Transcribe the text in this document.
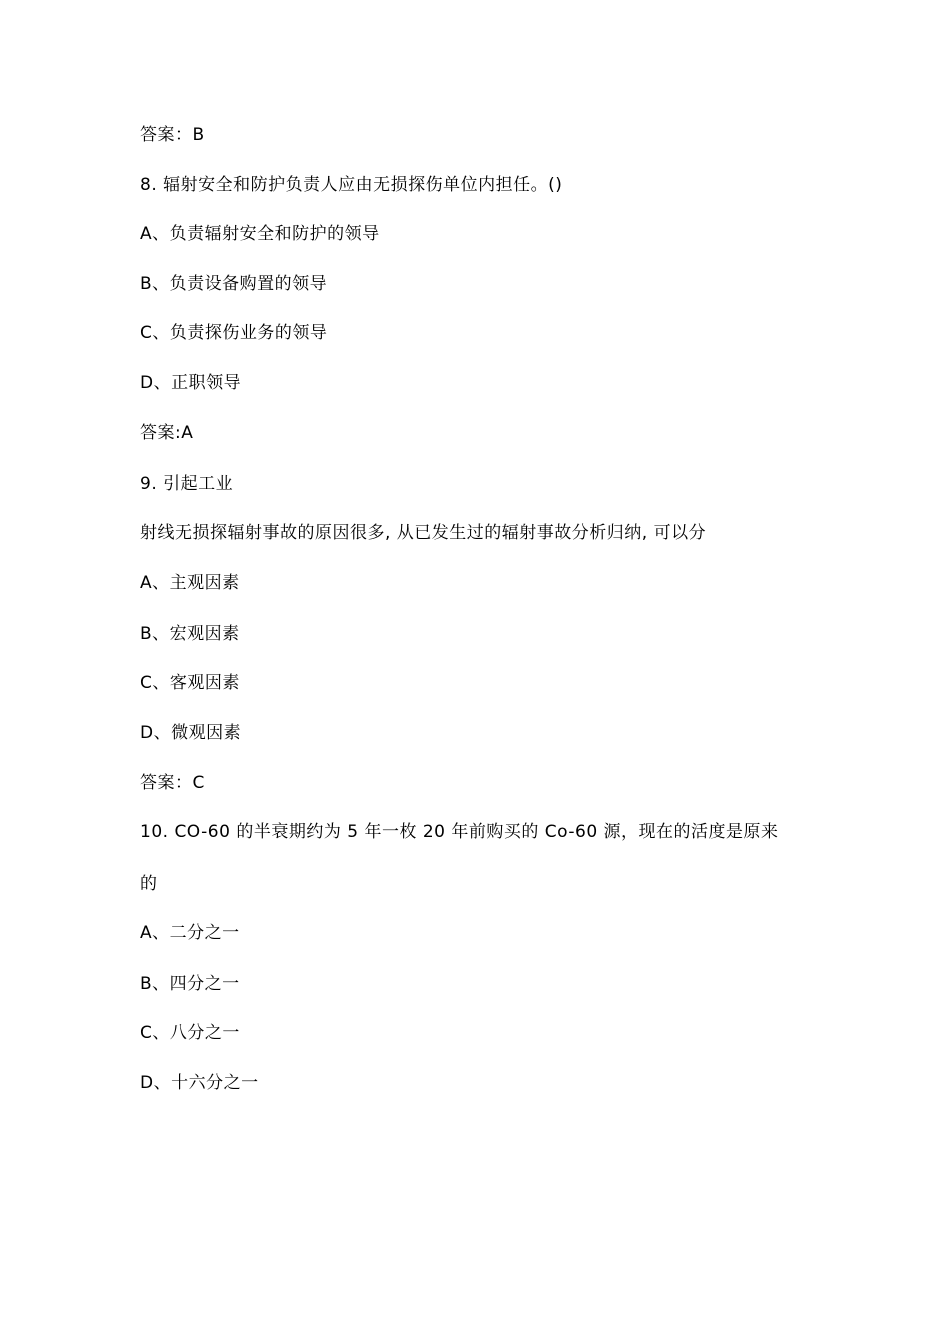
答案：B
8. 辐射安全和防护负责人应由无损探伤单位内担任。()
A、负责辐射安全和防护的领导
B、负责设备购置的领导
C、负责探伤业务的领导
D、正职领导
答案:A
9. 引起工业
射线无损探辐射事故的原因很多, 从已发生过的辐射事故分析归纳, 可以分
A、主观因素
B、宏观因素
C、客观因素
D、微观因素
答案：C
10. CO-60 的半衰期约为 5 年一枚 20 年前购买的 Co-60 源，现在的活度是原来
的
A、二分之一
B、四分之一
C、八分之一
D、十六分之一
